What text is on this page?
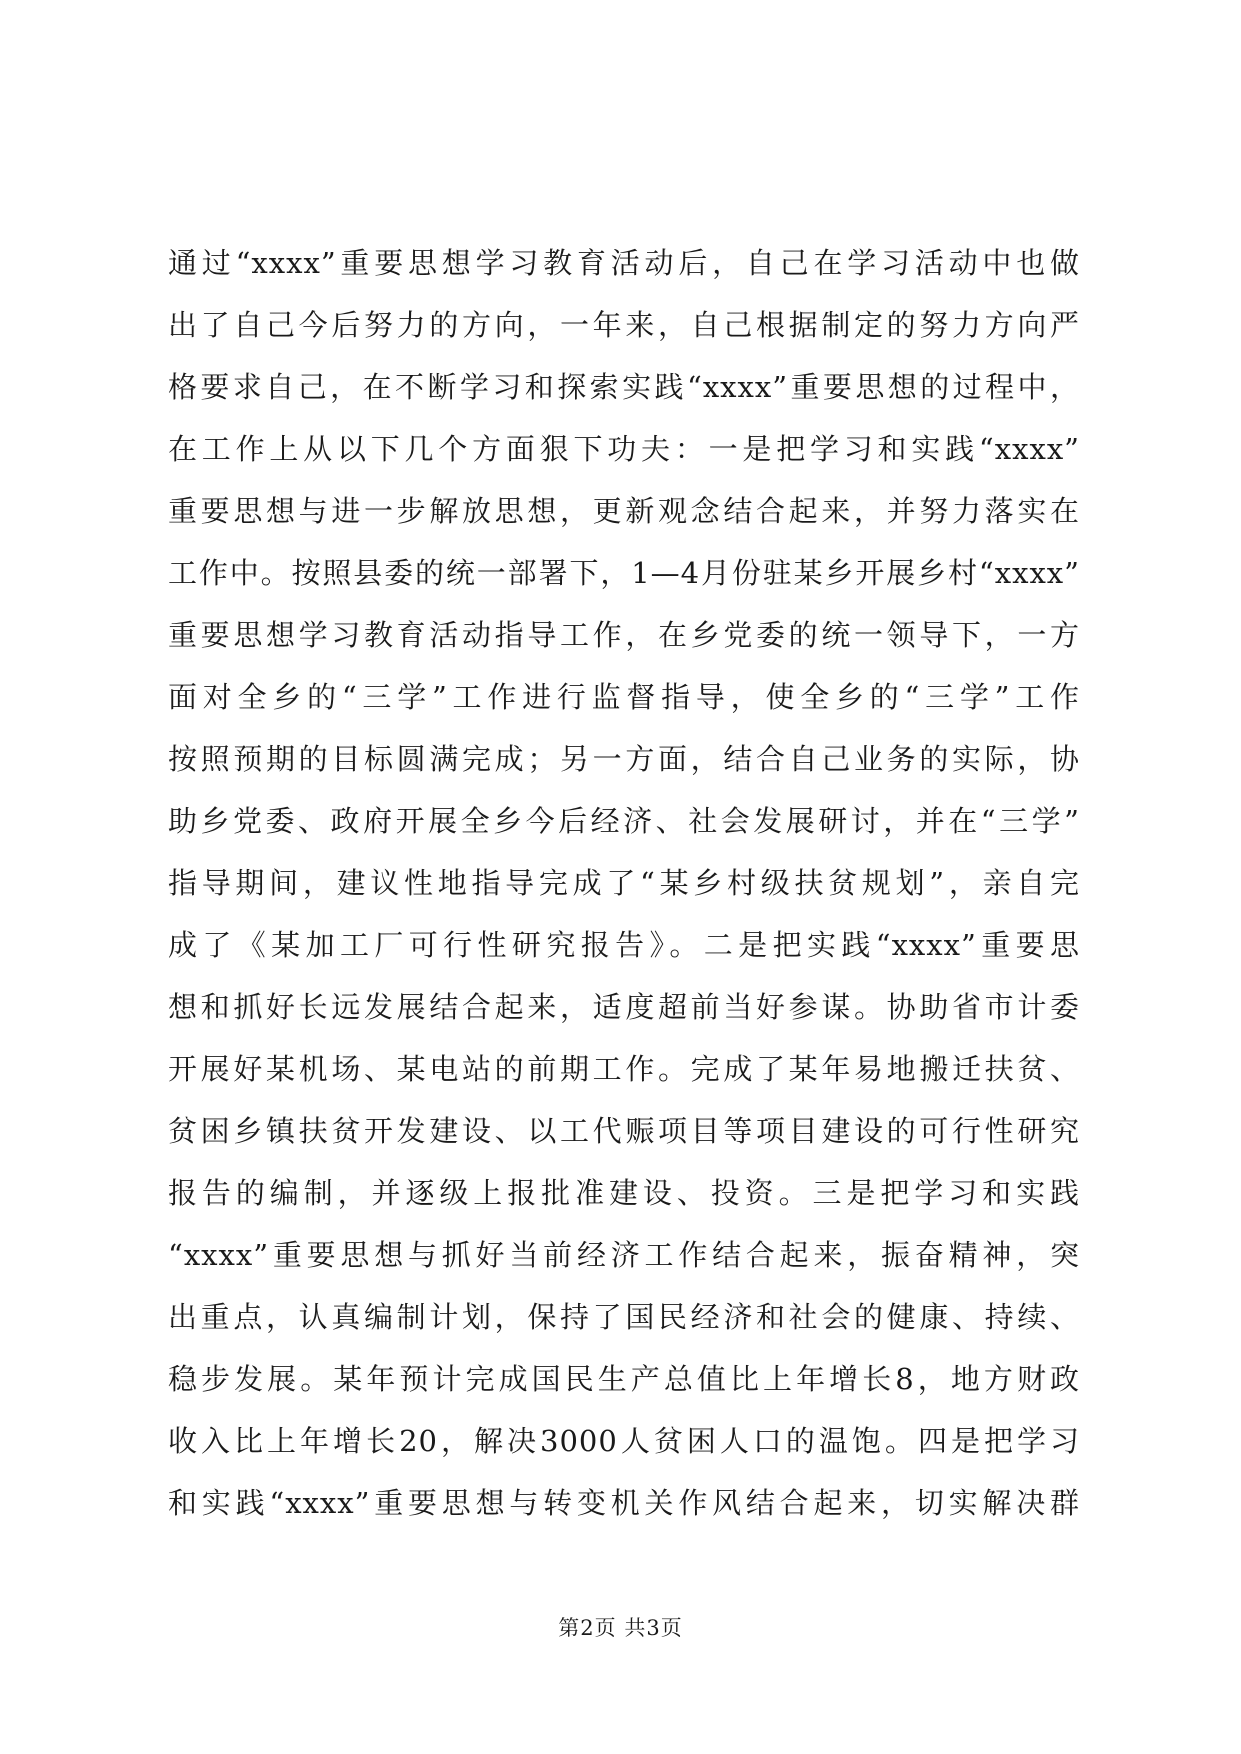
通过“xxxx”重要思想学习教育活动后，自己在学习活动中也做
出了自己今后努力的方向，一年来，自己根据制定的努力方向严
格要求自己，在不断学习和探索实践“xxxx”重要思想的过程中，
在工作上从以下几个方面狠下功夫：一是把学习和实践“xxxx”
重要思想与进一步解放思想，更新观念结合起来，并努力落实在
工作中。按照县委的统一部署下，1—4月份驻某乡开展乡村“xxxx”
重要思想学习教育活动指导工作，在乡党委的统一领导下，一方
面对全乡的“三学”工作进行监督指导，使全乡的“三学”工作
按照预期的目标圆满完成；另一方面，结合自己业务的实际，协
助乡党委、政府开展全乡今后经济、社会发展研讨，并在“三学”
指导期间，建议性地指导完成了“某乡村级扶贫规划”，亲自完
成了《某加工厂可行性研究报告》。二是把实践“xxxx”重要思
想和抓好长远发展结合起来，适度超前当好参谋。协助省市计委
开展好某机场、某电站的前期工作。完成了某年易地搬迁扶贫、
贫困乡镇扶贫开发建设、以工代赈项目等项目建设的可行性研究
报告的编制，并逐级上报批准建设、投资。三是把学习和实践
“xxxx”重要思想与抓好当前经济工作结合起来，振奋精神，突
出重点，认真编制计划，保持了国民经济和社会的健康、持续、
稳步发展。某年预计完成国民生产总值比上年增长8，地方财政
收入比上年增长20，解决3000人贫困人口的温饱。四是把学习
和实践“xxxx”重要思想与转变机关作风结合起来，切实解决群
第2页 共3页
